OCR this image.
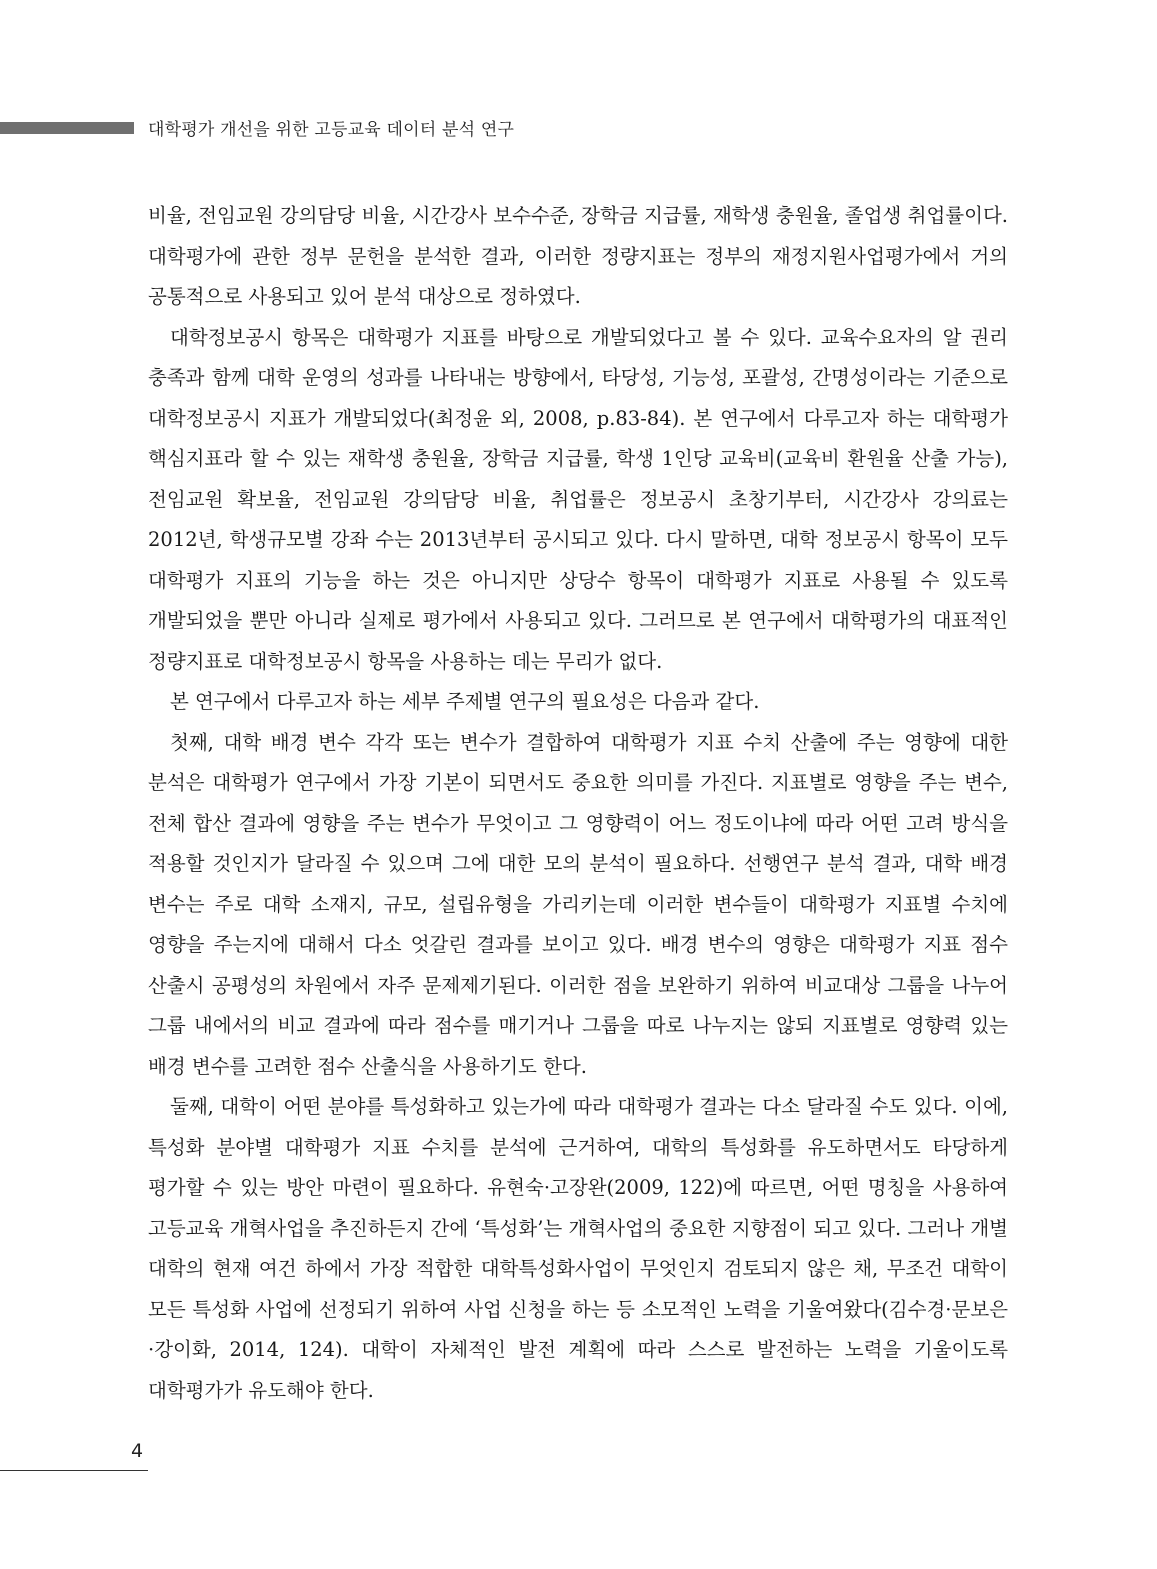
대학평가 개선을 위한 고등교육 데이터 분석 연구

비율, 전임교원 강의담당 비율, 시간강사 보수수준, 장학금 지급률, 재학생 충원율, 졸업생 취업률이다. 대학평가에 관한 정부 문헌을 분석한 결과, 이러한 정량지표는 정부의 재정지원사업평가에서 거의 공통적으로 사용되고 있어 분석 대상으로 정하였다.

대학정보공시 항목은 대학평가 지표를 바탕으로 개발되었다고 볼 수 있다. 교육수요자의 알 권리 충족과 함께 대학 운영의 성과를 나타내는 방향에서, 타당성, 기능성, 포괄성, 간명성이라는 기준으로 대학정보공시 지표가 개발되었다(최정윤 외, 2008, p.83-84). 본 연구에서 다루고자 하는 대학평가 핵심지표라 할 수 있는 재학생 충원율, 장학금 지급률, 학생 1인당 교육비(교육비 환원율 산출 가능), 전임교원 확보율, 전임교원 강의담당 비율, 취업률은 정보공시 초창기부터, 시간강사 강의료는 2012년, 학생규모별 강좌 수는 2013년부터 공시되고 있다. 다시 말하면, 대학 정보공시 항목이 모두 대학평가 지표의 기능을 하는 것은 아니지만 상당수 항목이 대학평가 지표로 사용될 수 있도록 개발되었을 뿐만 아니라 실제로 평가에서 사용되고 있다. 그러므로 본 연구에서 대학평가의 대표적인 정량지표로 대학정보공시 항목을 사용하는 데는 무리가 없다.

본 연구에서 다루고자 하는 세부 주제별 연구의 필요성은 다음과 같다.

첫째, 대학 배경 변수 각각 또는 변수가 결합하여 대학평가 지표 수치 산출에 주는 영향에 대한 분석은 대학평가 연구에서 가장 기본이 되면서도 중요한 의미를 가진다. 지표별로 영향을 주는 변수, 전체 합산 결과에 영향을 주는 변수가 무엇이고 그 영향력이 어느 정도이냐에 따라 어떤 고려 방식을 적용할 것인지가 달라질 수 있으며 그에 대한 모의 분석이 필요하다. 선행연구 분석 결과, 대학 배경 변수는 주로 대학 소재지, 규모, 설립유형을 가리키는데 이러한 변수들이 대학평가 지표별 수치에 영향을 주는지에 대해서 다소 엇갈린 결과를 보이고 있다. 배경 변수의 영향은 대학평가 지표 점수 산출시 공평성의 차원에서 자주 문제제기된다. 이러한 점을 보완하기 위하여 비교대상 그룹을 나누어 그룹 내에서의 비교 결과에 따라 점수를 매기거나 그룹을 따로 나누지는 않되 지표별로 영향력 있는 배경 변수를 고려한 점수 산출식을 사용하기도 한다.

둘째, 대학이 어떤 분야를 특성화하고 있는가에 따라 대학평가 결과는 다소 달라질 수도 있다. 이에, 특성화 분야별 대학평가 지표 수치를 분석에 근거하여, 대학의 특성화를 유도하면서도 타당하게 평가할 수 있는 방안 마련이 필요하다. 유현숙·고장완(2009, 122)에 따르면, 어떤 명칭을 사용하여 고등교육 개혁사업을 추진하든지 간에 ‘특성화’는 개혁사업의 중요한 지향점이 되고 있다. 그러나 개별 대학의 현재 여건 하에서 가장 적합한 대학특성화사업이 무엇인지 검토되지 않은 채, 무조건 대학이 모든 특성화 사업에 선정되기 위하여 사업 신청을 하는 등 소모적인 노력을 기울여왔다(김수경·문보은·강이화, 2014, 124). 대학이 자체적인 발전 계획에 따라 스스로 발전하는 노력을 기울이도록 대학평가가 유도해야 한다.

4
